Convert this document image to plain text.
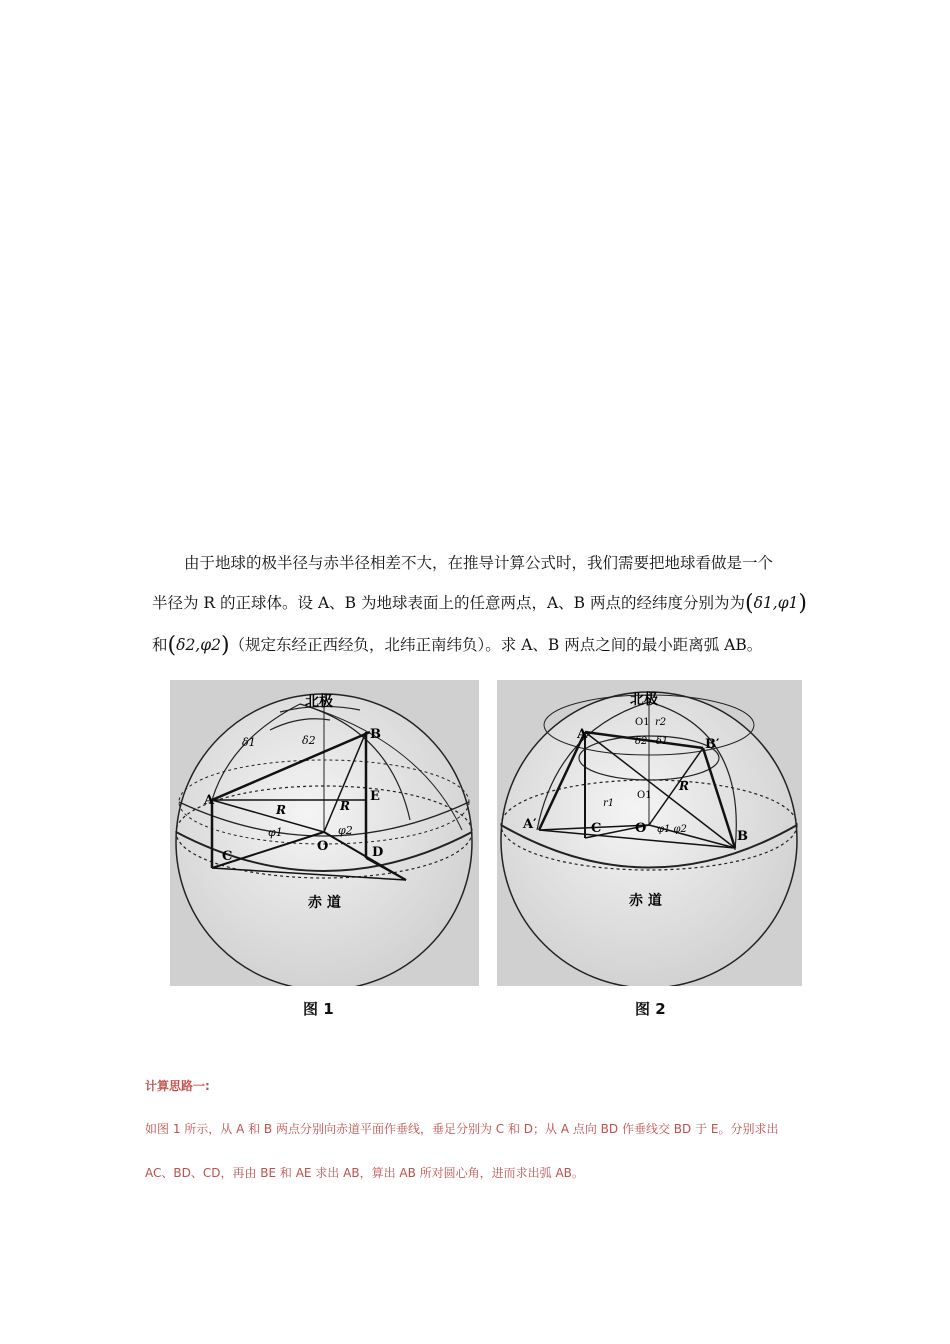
由于地球的极半径与赤半径相差不大，在推导计算公式时，我们需要把地球看做是一个
半径为 R 的正球体。设 A、B 为地球表面上的任意两点，A、B 两点的经纬度分别为为(δ1,φ1)
和(δ2,φ2)（规定东经正西经负，北纬正南纬负）。求 A、B 两点之间的最小距离弧 AB。
北极
赤 道
A
B
C	D
E
O
R	R
δ1	δ2
φ1	φ2
北极
赤 道
A
B′
A′
B
C	O
O1
O1
r1
r2
R
δ2−δ1
φ1 φ2
图 1	图 2
计算思路一:
如图 1 所示，从 A 和 B 两点分别向赤道平面作垂线，垂足分别为 C 和 D；从 A 点向 BD 作垂线交 BD 于 E。分别求出
AC、BD、CD，再由 BE 和 AE 求出 AB，算出 AB 所对圆心角，进而求出弧 AB。
